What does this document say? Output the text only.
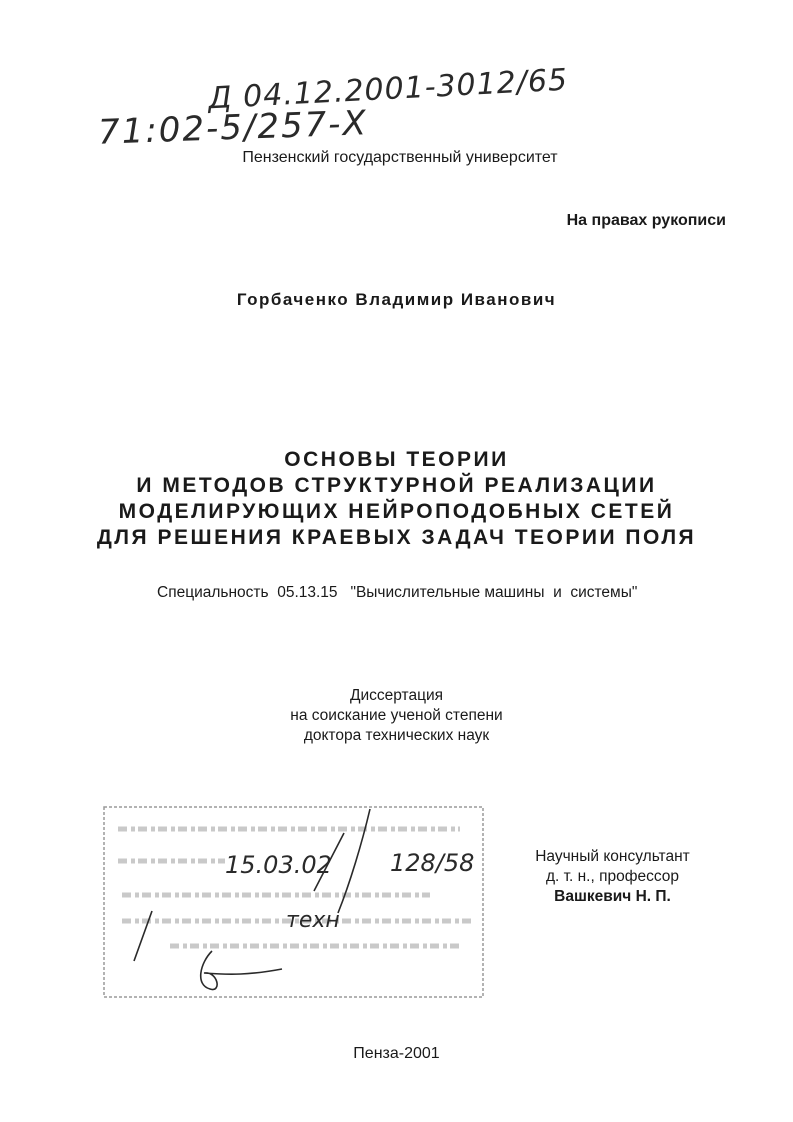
Д 04.12.2001-3012/65
71:02-5/257-Х
Пензенский государственный университет
На правах рукописи
Горбаченко Владимир Иванович
ОСНОВЫ ТЕОРИИ
И МЕТОДОВ СТРУКТУРНОЙ РЕАЛИЗАЦИИ
МОДЕЛИРУЮЩИХ НЕЙРОПОДОБНЫХ СЕТЕЙ
ДЛЯ РЕШЕНИЯ КРАЕВЫХ ЗАДАЧ ТЕОРИИ ПОЛЯ
Специальность  05.13.15   "Вычислительные машины  и  системы"
Диссертация
на соискание ученой степени
доктора технических наук
15.03.02 128/58
техн
Научный консультант
д. т. н., профессор
Вашкевич Н. П.
Пенза-2001
